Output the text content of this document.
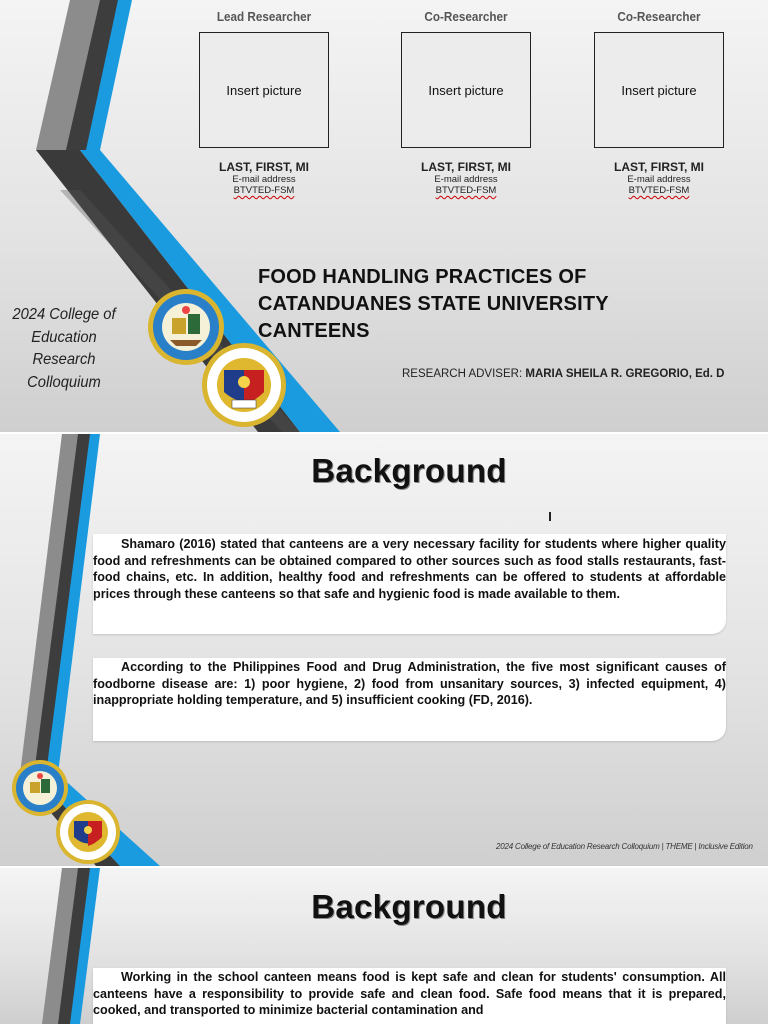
Lead Researcher
Insert picture
LAST, FIRST, MI
E-mail address
BTVTED-FSM
Co-Researcher
Insert picture
LAST, FIRST, MI
E-mail address
BTVTED-FSM
Co-Researcher
Insert picture
LAST, FIRST, MI
E-mail address
BTVTED-FSM
FOOD HANDLING PRACTICES OF
CATANDUANES STATE UNIVERSITY
CANTEENS
2024 College of
Education
Research
Colloquium	RESEARCH ADVISER: MARIA SHEILA R. GREGORIO, Ed. D
Background

Shamaro (2016) stated that canteens are a very necessary facility for students where higher quality food and refreshments can be obtained compared to other sources such as food stalls restaurants, fast-food chains, etc. In addition, healthy food and refreshments can be offered to students at affordable prices through these canteens so that safe and hygienic food is made available to them.

According to the Philippines Food and Drug Administration, the five most significant causes of foodborne disease are: 1) poor hygiene, 2) food from unsanitary sources, 3) infected equipment, 4) inappropriate holding temperature, and 5) insufficient cooking (FD, 2016).

2024 College of Education Research Colloquium | THEME | Inclusive Edition
Background

Working in the school canteen means food is kept safe and clean for students' consumption. All canteens have a responsibility to provide safe and clean food. Safe food means that it is prepared, cooked, and transported to minimize bacterial contamination and
